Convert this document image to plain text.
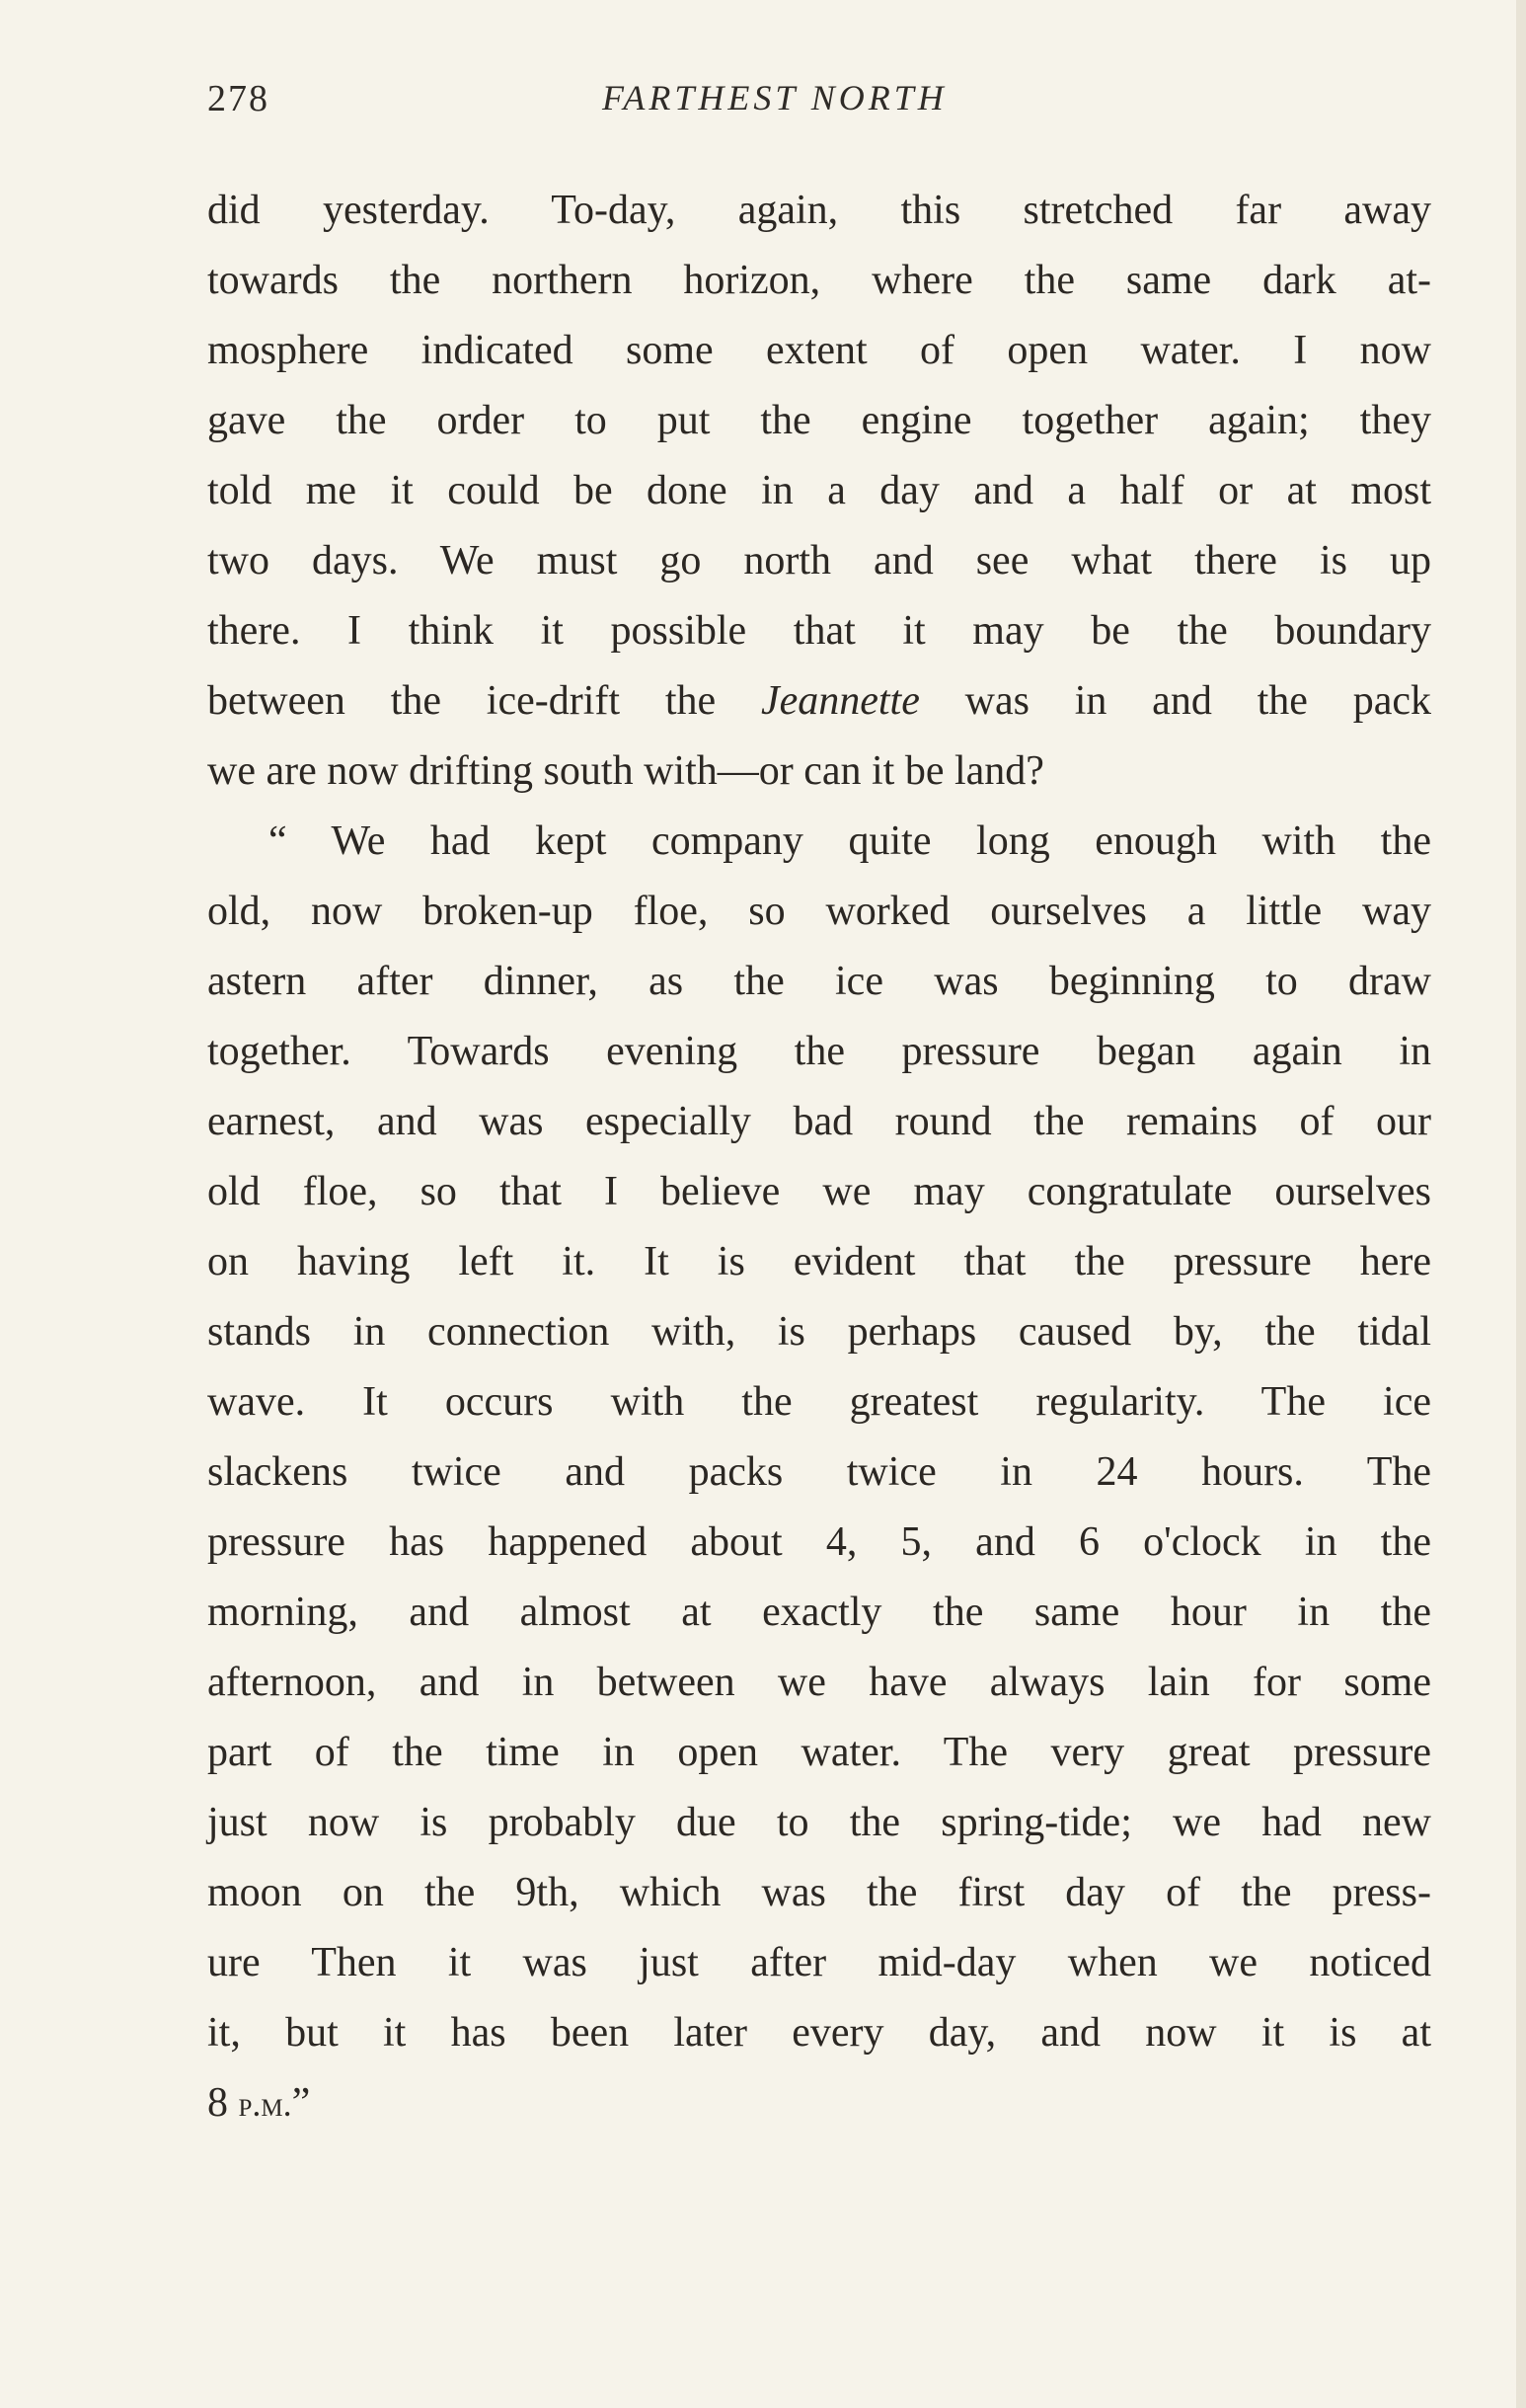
278	FARTHEST NORTH
did yesterday. To-day, again, this stretched far away
towards the northern horizon, where the same dark at-
mosphere indicated some extent of open water. I now
gave the order to put the engine together again; they
told me it could be done in a day and a half or at most
two days. We must go north and see what there is up
there. I think it possible that it may be the boundary
between the ice-drift the Jeannette was in and the pack
we are now drifting south with—or can it be land?
“ We had kept company quite long enough with the
old, now broken-up floe, so worked ourselves a little way
astern after dinner, as the ice was beginning to draw
together. Towards evening the pressure began again in
earnest, and was especially bad round the remains of our
old floe, so that I believe we may congratulate ourselves
on having left it. It is evident that the pressure here
stands in connection with, is perhaps caused by, the tidal
wave. It occurs with the greatest regularity. The ice
slackens twice and packs twice in 24 hours. The
pressure has happened about 4, 5, and 6 o'clock in the
morning, and almost at exactly the same hour in the
afternoon, and in between we have always lain for some
part of the time in open water. The very great pressure
just now is probably due to the spring-tide; we had new
moon on the 9th, which was the first day of the press-
ure Then it was just after mid-day when we noticed
it, but it has been later every day, and now it is at
8 p.m.”
